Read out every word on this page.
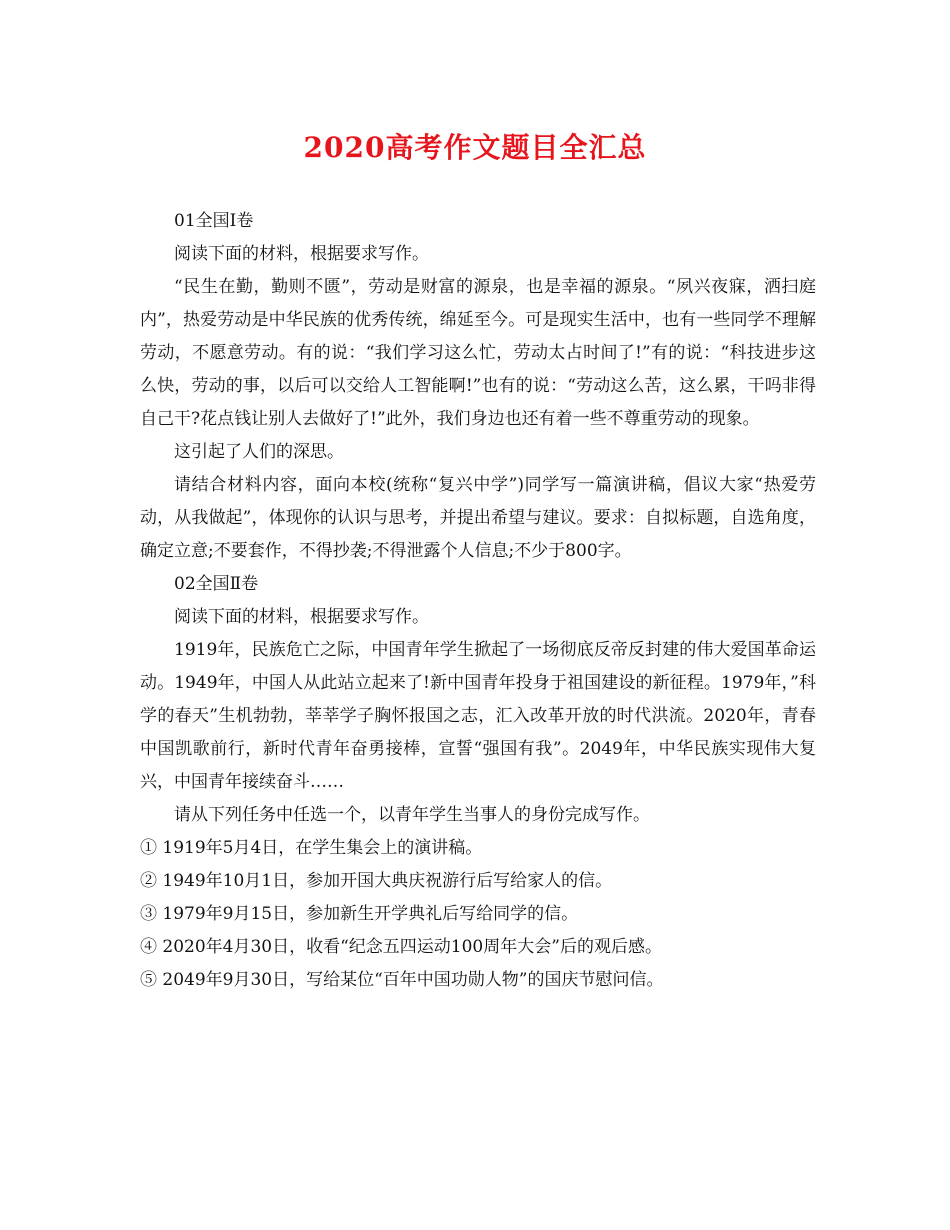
2020高考作文题目全汇总

01全国Ⅰ卷

阅读下面的材料，根据要求写作。

“民生在勤，勤则不匮”，劳动是财富的源泉，也是幸福的源泉。“夙兴夜寐，洒扫庭内”，热爱劳动是中华民族的优秀传统，绵延至今。可是现实生活中，也有一些同学不理解劳动，不愿意劳动。有的说：“我们学习这么忙，劳动太占时间了!”有的说：“科技进步这么快，劳动的事，以后可以交给人工智能啊!”也有的说：“劳动这么苦，这么累，干吗非得自己干?花点钱让别人去做好了!”此外，我们身边也还有着一些不尊重劳动的现象。

这引起了人们的深思。

请结合材料内容，面向本校(统称“复兴中学”)同学写一篇演讲稿，倡议大家“热爱劳动，从我做起”，体现你的认识与思考，并提出希望与建议。要求：自拟标题，自选角度，确定立意;不要套作，不得抄袭;不得泄露个人信息;不少于800字。

02全国Ⅱ卷

阅读下面的材料，根据要求写作。

1919年，民族危亡之际，中国青年学生掀起了一场彻底反帝反封建的伟大爱国革命运动。1949年，中国人从此站立起来了!新中国青年投身于祖国建设的新征程。1979年，”科学的春天”生机勃勃，莘莘学子胸怀报国之志，汇入改革开放的时代洪流。2020年，青春中国凯歌前行，新时代青年奋勇接棒，宣誓“强国有我”。2049年，中华民族实现伟大复兴，中国青年接续奋斗……

请从下列任务中任选一个，以青年学生当事人的身份完成写作。

① 1919年5月4日，在学生集会上的演讲稿。

② 1949年10月1日，参加开国大典庆祝游行后写给家人的信。

③ 1979年9月15日，参加新生开学典礼后写给同学的信。

④ 2020年4月30日，收看“纪念五四运动100周年大会”后的观后感。

⑤ 2049年9月30日，写给某位“百年中国功勋人物”的国庆节慰问信。
